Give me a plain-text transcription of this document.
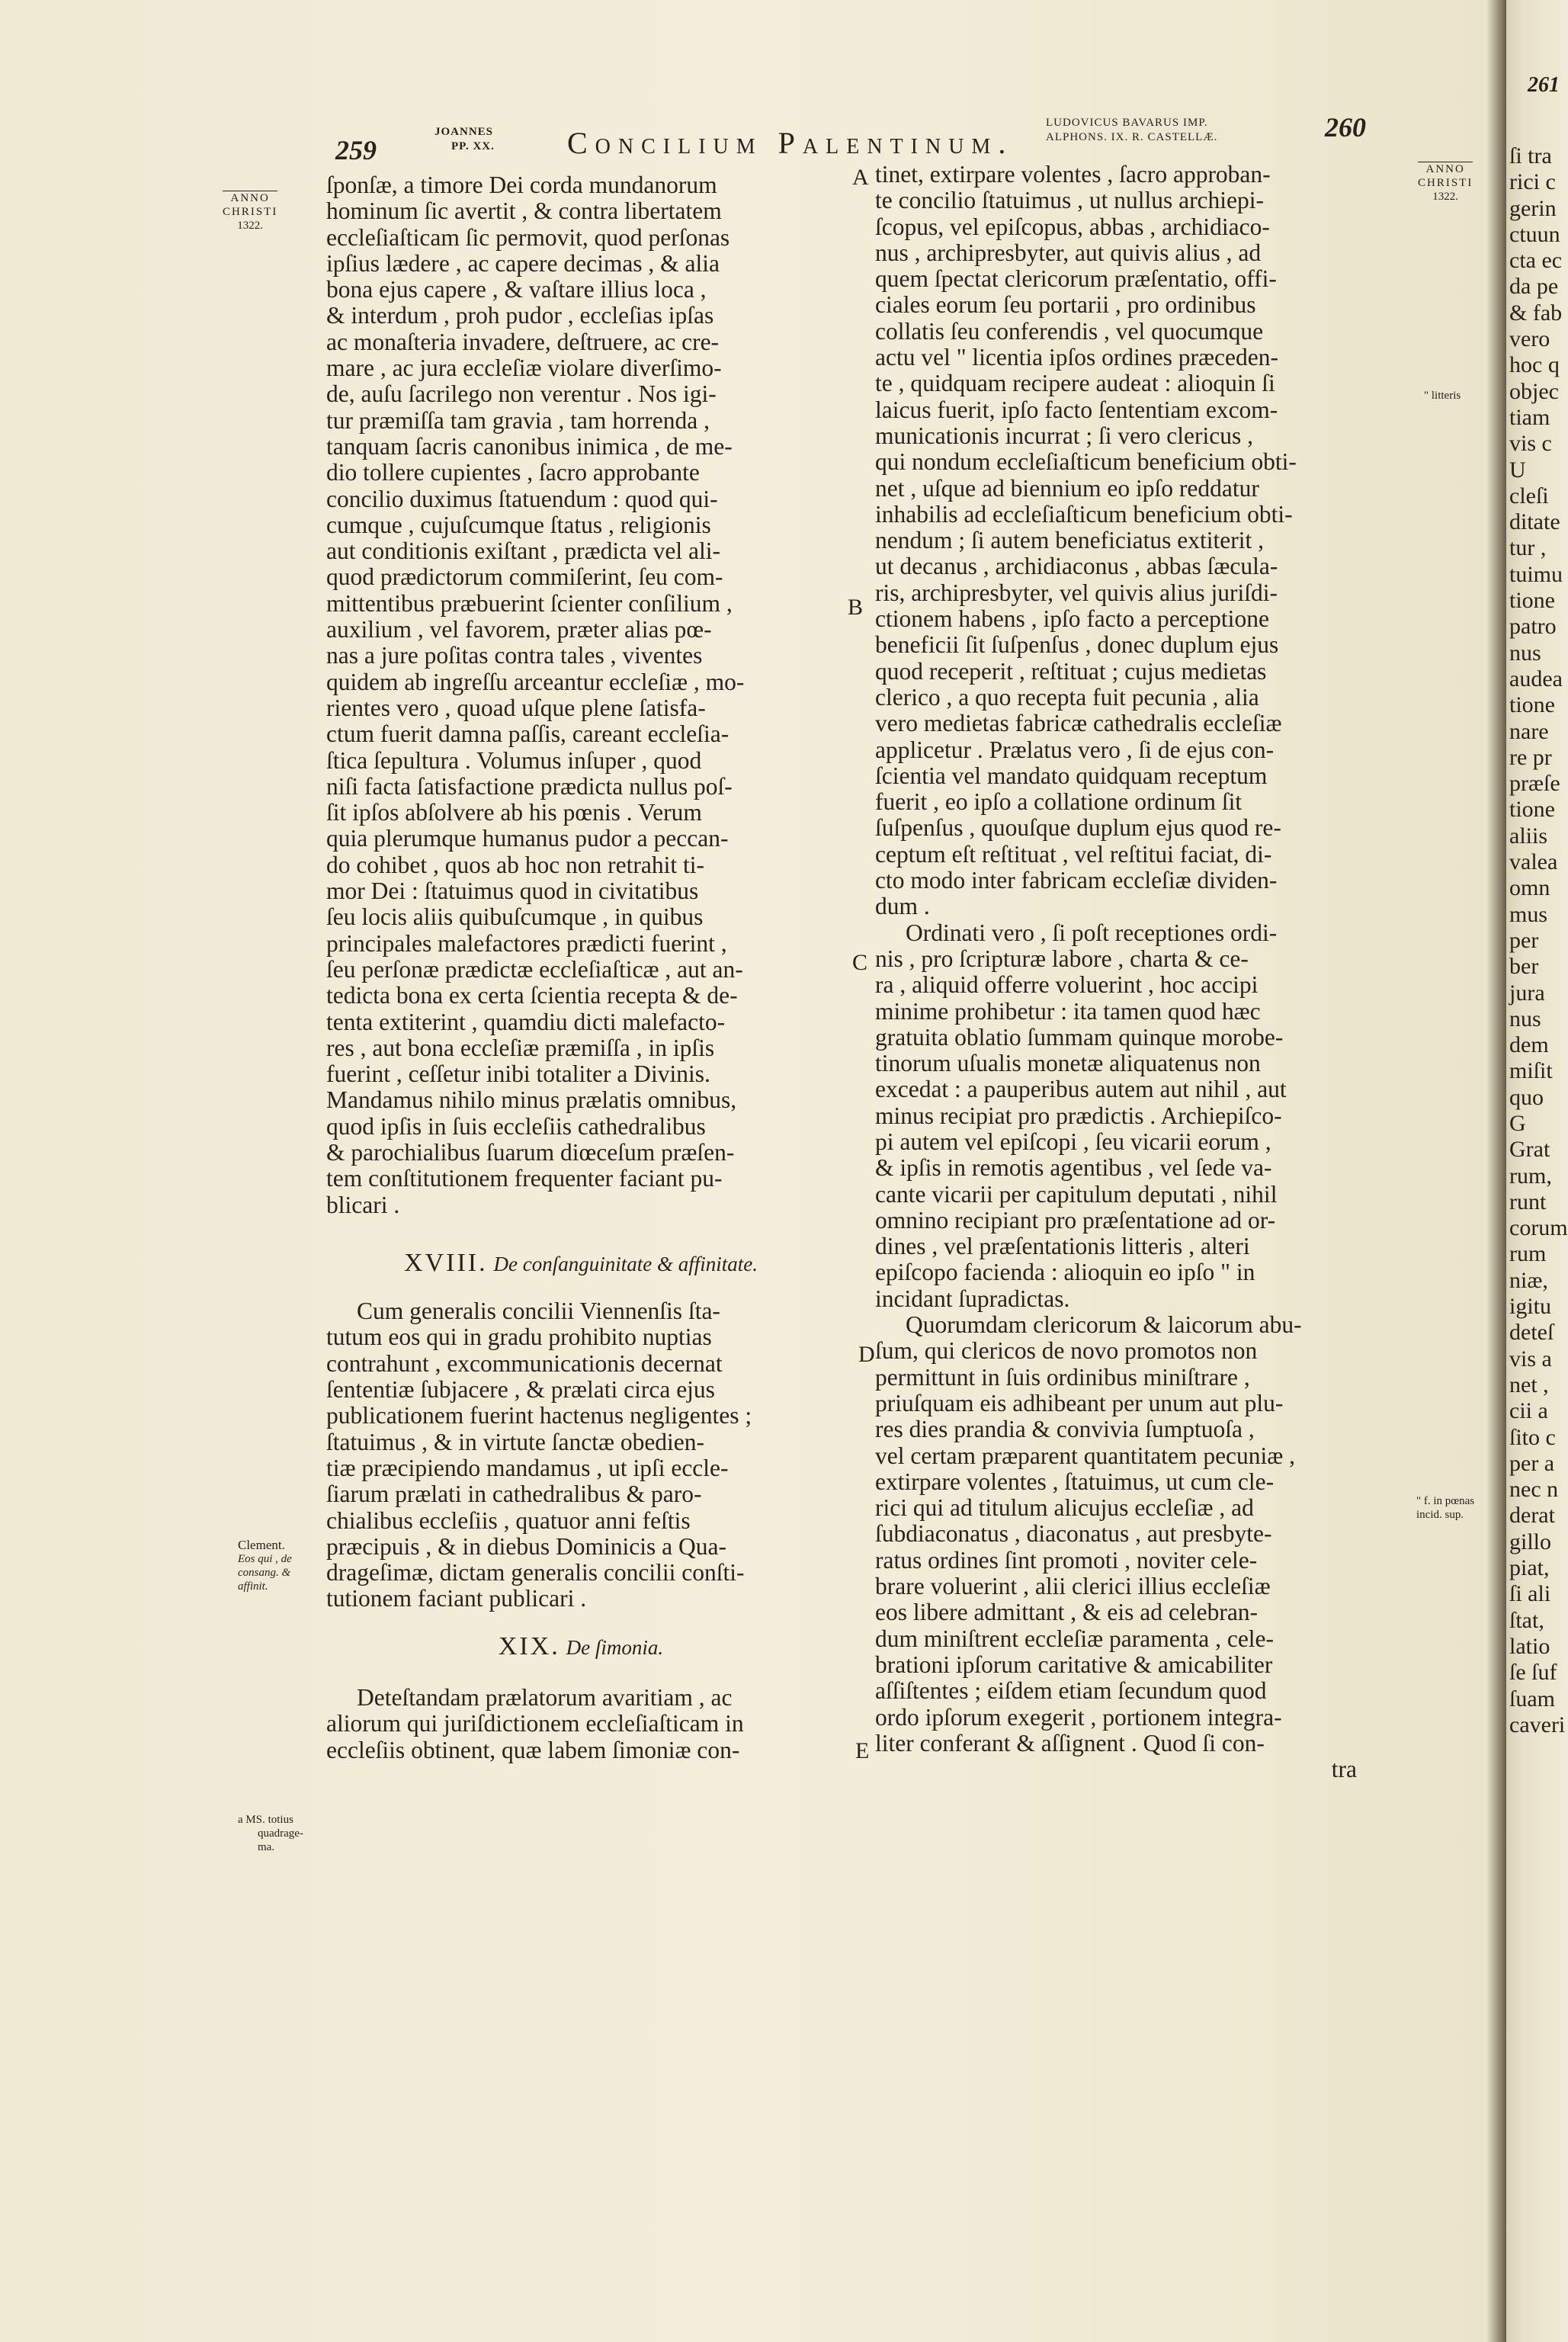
261
ſi tra
rici c
gerin
ctuun
cta ec
da pe
& fab
vero
hoc q
objec
tiam
vis c
U
cleſi
ditate
tur ,
tuimu
tione
patro
nus
audea
tione
nare
re pr
præſe
tione
aliis
valea
omn
mus
per
ber
jura
nus
dem
miſit
quo
G
Grat
rum,
runt
corum
rum
niæ,
igitu
deteſ
vis a
net ,
cii a
ſito c
per a
nec n
derat
gillo
piat,
ſi ali
ſtat,
latio
ſe ſuf
ſuam
caveri
259
JOANNES
PP. XX. Concilium Palentinum.
LUDOVICUS BAVARUS IMP.
ALPHONS. IX. R. CASTELLÆ.	260
ANNO
CHRISTI
1322.
Clement.
Eos qui , de
consang. &
affinit.
a MS. totius
quadrage-
ma.
ANNO
CHRISTI
1322.
" litteris
" f. in pœnas
incid. sup.
A
B
C
D
E
ſponſæ, a timore Dei corda mundanorum
hominum ſic avertit , & contra libertatem
eccleſiaſticam ſic permovit, quod perſonas
ipſius lædere , ac capere decimas , & alia
bona ejus capere , & vaſtare illius loca ,
& interdum , proh pudor , eccleſias ipſas
ac monaſteria invadere, deſtruere, ac cre-
mare , ac jura eccleſiæ violare diverſimo-
de, auſu ſacrilego non verentur . Nos igi-
tur præmiſſa tam gravia , tam horrenda ,
tanquam ſacris canonibus inimica , de me-
dio tollere cupientes , ſacro approbante
concilio duximus ſtatuendum : quod qui-
cumque , cujuſcumque ſtatus , religionis
aut conditionis exiſtant , prædicta vel ali-
quod prædictorum commiſerint, ſeu com-
mittentibus præbuerint ſcienter conſilium ,
auxilium , vel favorem, præter alias pœ-
nas a jure poſitas contra tales , viventes
quidem ab ingreſſu arceantur eccleſiæ , mo-
rientes vero , quoad uſque plene ſatisfa-
ctum fuerit damna paſſis, careant eccleſia-
ſtica ſepultura . Volumus inſuper , quod
niſi facta ſatisfactione prædicta nullus poſ-
ſit ipſos abſolvere ab his pœnis . Verum
quia plerumque humanus pudor a peccan-
do cohibet , quos ab hoc non retrahit ti-
mor Dei : ſtatuimus quod in civitatibus
ſeu locis aliis quibuſcumque , in quibus
principales malefactores prædicti fuerint ,
ſeu perſonæ prædictæ eccleſiaſticæ , aut an-
tedicta bona ex certa ſcientia recepta & de-
tenta extiterint , quamdiu dicti malefacto-
res , aut bona eccleſiæ præmiſſa , in ipſis
fuerint , ceſſetur inibi totaliter a Divinis.
Mandamus nihilo minus prælatis omnibus,
quod ipſis in ſuis eccleſiis cathedralibus
& parochialibus ſuarum diœceſum præſen-
tem conſtitutionem frequenter faciant pu-
blicari .
XVIII. De conſanguinitate & affinitate.
Cum generalis concilii Viennenſis ſta-
tutum eos qui in gradu prohibito nuptias
contrahunt , excommunicationis decernat
ſententiæ ſubjacere , & prælati circa ejus
publicationem fuerint hactenus negligentes ;
ſtatuimus , & in virtute ſanctæ obedien-
tiæ præcipiendo mandamus , ut ipſi eccle-
ſiarum prælati in cathedralibus & paro-
chialibus eccleſiis , quatuor anni feſtis
præcipuis , & in diebus Dominicis a Qua-
drageſimæ, dictam generalis concilii conſti-
tutionem faciant publicari .
XIX. De ſimonia.
Deteſtandam prælatorum avaritiam , ac
aliorum qui juriſdictionem eccleſiaſticam in
eccleſiis obtinent, quæ labem ſimoniæ con-
tinet, extirpare volentes , ſacro approban-
te concilio ſtatuimus , ut nullus archiepi-
ſcopus, vel epiſcopus, abbas , archidiaco-
nus , archipresbyter, aut quivis alius , ad
quem ſpectat clericorum præſentatio, offi-
ciales eorum ſeu portarii , pro ordinibus
collatis ſeu conferendis , vel quocumque
actu vel " licentia ipſos ordines præceden-
te , quidquam recipere audeat : alioquin ſi
laicus fuerit, ipſo facto ſententiam excom-
municationis incurrat ; ſi vero clericus ,
qui nondum eccleſiaſticum beneficium obti-
net , uſque ad biennium eo ipſo reddatur
inhabilis ad eccleſiaſticum beneficium obti-
nendum ; ſi autem beneficiatus extiterit ,
ut decanus , archidiaconus , abbas ſæcula-
ris, archipresbyter, vel quivis alius juriſdi-
ctionem habens , ipſo facto a perceptione
beneficii ſit ſuſpenſus , donec duplum ejus
quod receperit , reſtituat ; cujus medietas
clerico , a quo recepta fuit pecunia , alia
vero medietas fabricæ cathedralis eccleſiæ
applicetur . Prælatus vero , ſi de ejus con-
ſcientia vel mandato quidquam receptum
fuerit , eo ipſo a collatione ordinum ſit
ſuſpenſus , quouſque duplum ejus quod re-
ceptum eſt reſtituat , vel reſtitui faciat, di-
cto modo inter fabricam eccleſiæ dividen-
dum .
Ordinati vero , ſi poſt receptiones ordi-
nis , pro ſcripturæ labore , charta & ce-
ra , aliquid offerre voluerint , hoc accipi
minime prohibetur : ita tamen quod hæc
gratuita oblatio ſummam quinque morobe-
tinorum uſualis monetæ aliquatenus non
excedat : a pauperibus autem aut nihil , aut
minus recipiat pro prædictis . Archiepiſco-
pi autem vel epiſcopi , ſeu vicarii eorum ,
& ipſis in remotis agentibus , vel ſede va-
cante vicarii per capitulum deputati , nihil
omnino recipiant pro præſentatione ad or-
dines , vel præſentationis litteris , alteri
epiſcopo facienda : alioquin eo ipſo " in
incidant ſupradictas.
Quorumdam clericorum & laicorum abu-
ſum, qui clericos de novo promotos non
permittunt in ſuis ordinibus miniſtrare ,
priuſquam eis adhibeant per unum aut plu-
res dies prandia & convivia ſumptuoſa ,
vel certam præparent quantitatem pecuniæ ,
extirpare volentes , ſtatuimus, ut cum cle-
rici qui ad titulum alicujus eccleſiæ , ad
ſubdiaconatus , diaconatus , aut presbyte-
ratus ordines ſint promoti , noviter cele-
brare voluerint , alii clerici illius eccleſiæ
eos libere admittant , & eis ad celebran-
dum miniſtrent eccleſiæ paramenta , cele-
brationi ipſorum caritative & amicabiliter
aſſiſtentes ; eiſdem etiam ſecundum quod
ordo ipſorum exegerit , portionem integra-
liter conferant & aſſignent . Quod ſi con-
tra
